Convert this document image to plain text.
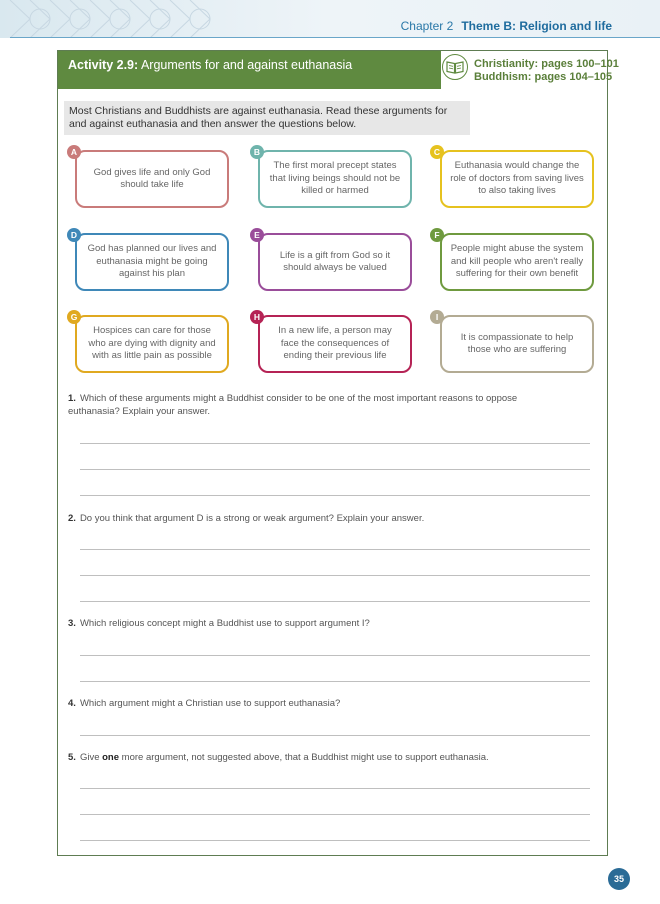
Chapter 2 Theme B: Religion and life
Activity 2.9: Arguments for and against euthanasia	Christianity: pages 100–101
Buddhism: pages 104–105
Most Christians and Buddhists are against euthanasia. Read these arguments for and against euthanasia and then answer the questions below.
God gives life and only God should take life
A
The first moral precept states that living beings should not be killed or harmed
B
Euthanasia would change the role of doctors from saving lives to also taking lives
C
God has planned our lives and euthanasia might be going against his plan
D
Life is a gift from God so it should always be valued
E
People might abuse the system and kill people who aren't really suffering for their own benefit
F
Hospices can care for those who are dying with dignity and with as little pain as possible
G
In a new life, a person may face the consequences of ending their previous life
H
It is compassionate to help those who are suffering
I
1. Which of these arguments might a Buddhist consider to be one of the most important reasons to oppose euthanasia? Explain your answer.
2. Do you think that argument D is a strong or weak argument? Explain your answer.
3. Which religious concept might a Buddhist use to support argument I?
4. Which argument might a Christian use to support euthanasia?
5. Give one more argument, not suggested above, that a Buddhist might use to support euthanasia.
35
